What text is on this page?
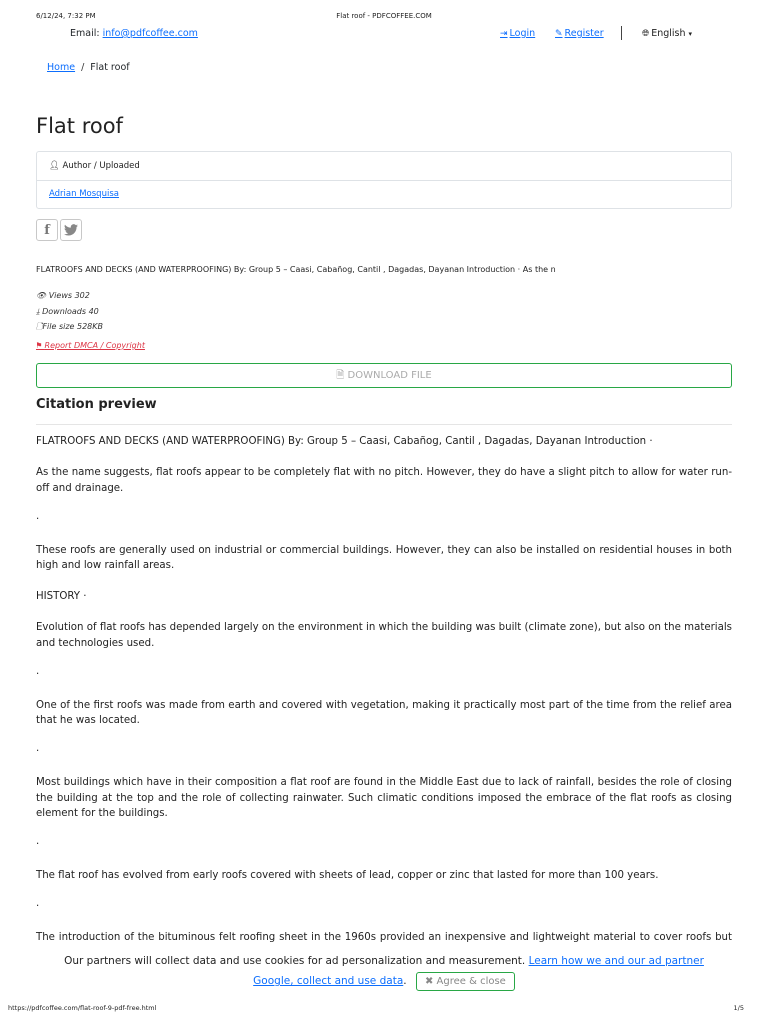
6/12/24, 7:32 PM	Flat roof - PDFCOFFEE.COM
Email: info@pdfcoffee.com	⇥ Login ✎ Register	🌐︎ English ▾
Home / Flat roof
Flat roof
👤︎ Author / Uploaded
Adrian Mosquisa
f
FLATROOFS AND DECKS (AND WATERPROOFING) By: Group 5 – Caasi, Cabañog, Cantil , Dagadas, Dayanan Introduction · As the n
👁︎ Views 302
⤓ Downloads 40
🗋︎File size 528KB
⚑ Report DMCA / Copyright
🗎︎ DOWNLOAD FILE
Citation preview

FLATROOFS AND DECKS (AND WATERPROOFING) By: Group 5 – Caasi, Cabañog, Cantil , Dagadas, Dayanan Introduction ·

As the name suggests, flat roofs appear to be completely flat with no pitch. However, they do have a slight pitch to allow for water run-off and drainage.

·

These roofs are generally used on industrial or commercial buildings. However, they can also be installed on residential houses in both high and low rainfall areas.

HISTORY ·

Evolution of flat roofs has depended largely on the environment in which the building was built (climate zone), but also on the materials and technologies used.

·

One of the first roofs was made from earth and covered with vegetation, making it practically most part of the time from the relief area that he was located.

·

Most buildings which have in their composition a flat roof are found in the Middle East due to lack of rainfall, besides the role of closing the building at the top and the role of collecting rainwater. Such climatic conditions imposed the embrace of the flat roofs as closing element for the buildings.

·

The flat roof has evolved from early roofs covered with sheets of lead, copper or zinc that lasted for more than 100 years.

·

The introduction of the bituminous felt roofing sheet in the 1960s provided an inexpensive and lightweight material to cover roofs but

Our partners will collect data and use cookies for ad personalization and measurement. Learn how we and our ad partner
Google, collect and use data. ✖ Agree & close
https://pdfcoffee.com/flat-roof-9-pdf-free.html	1/5
